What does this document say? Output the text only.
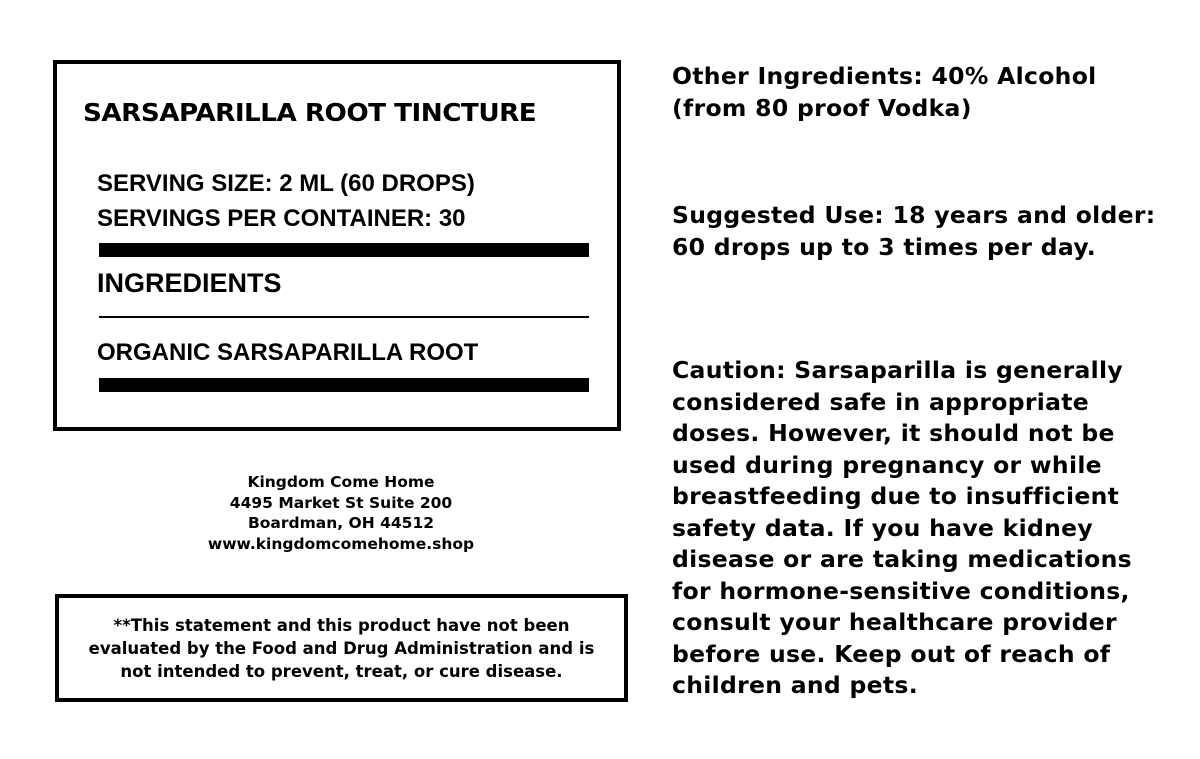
SARSAPARILLA ROOT TINCTURE
SERVING SIZE: 2 ML (60 DROPS)
SERVINGS PER CONTAINER: 30
INGREDIENTS
ORGANIC SARSAPARILLA ROOT
Kingdom Come Home
4495 Market St Suite 200
Boardman, OH 44512
www.kingdomcomehome.shop

**This statement and this product have not been evaluated by the Food and Drug Administration and is not intended to prevent, treat, or cure disease.

Other Ingredients: 40% Alcohol (from 80 proof Vodka)

Suggested Use: 18 years and older: 60 drops up to 3 times per day.

Caution: Sarsaparilla is generally considered safe in appropriate doses. However, it should not be used during pregnancy or while breastfeeding due to insufficient safety data. If you have kidney disease or are taking medications for hormone-sensitive conditions, consult your healthcare provider before use. Keep out of reach of children and pets.
